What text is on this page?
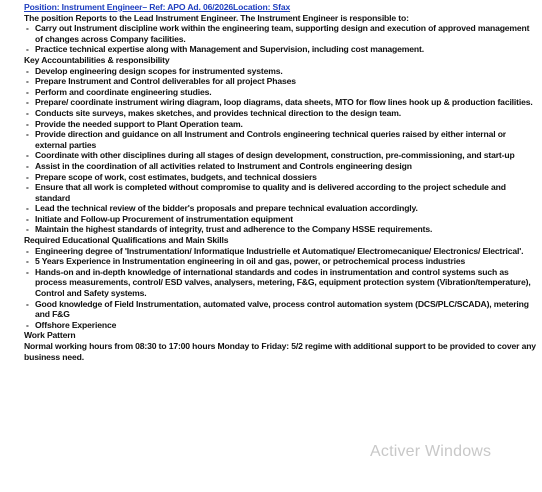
Position: Instrument Engineer– Ref: APO Ad. 06/2026Location: Sfax
The position Reports to the Lead Instrument Engineer. The Instrument Engineer is responsible to:
- Carry out Instrument discipline work within the engineering team, supporting design and execution of approved management of changes across Company facilities.
- Practice technical expertise along with Management and Supervision, including cost management.
Key Accountabilities & responsibility
- Develop engineering design scopes for instrumented systems.
- Prepare Instrument and Control deliverables for all project Phases
- Perform and coordinate engineering studies.
- Prepare/ coordinate instrument wiring diagram, loop diagrams, data sheets, MTO for flow lines hook up & production facilities.
- Conducts site surveys, makes sketches, and provides technical direction to the design team.
- Provide the needed support to Plant Operation team.
- Provide direction and guidance on all Instrument and Controls engineering technical queries raised by either internal or external parties
- Coordinate with other disciplines during all stages of design development, construction, pre-commissioning, and start-up
- Assist in the coordination of all activities related to Instrument and Controls engineering design
- Prepare scope of work, cost estimates, budgets, and technical dossiers
- Ensure that all work is completed without compromise to quality and is delivered according to the project schedule and standard
- Lead the technical review of the bidder's proposals and prepare technical evaluation accordingly.
- Initiate and Follow-up Procurement of instrumentation equipment
- Maintain the highest standards of integrity, trust and adherence to the Company HSSE requirements.
Required Educational Qualifications and Main Skills
- Engineering degree of 'Instrumentation/ Informatique Industrielle et Automatique/ Electromecanique/ Electronics/ Electrical'.
- 5 Years Experience in Instrumentation engineering in oil and gas, power, or petrochemical process industries
- Hands-on and in-depth knowledge of international standards and codes in instrumentation and control systems such as process measurements, control/ ESD valves, analysers, metering, F&G, equipment protection system (Vibration/temperature), Control and Safety systems.
- Good knowledge of Field Instrumentation, automated valve, process control automation system (DCS/PLC/SCADA), metering and F&G
- Offshore Experience
Work Pattern
Normal working hours from 08:30 to 17:00 hours Monday to Friday: 5/2 regime with additional support to be provided to cover any business need.
Activer Windows
